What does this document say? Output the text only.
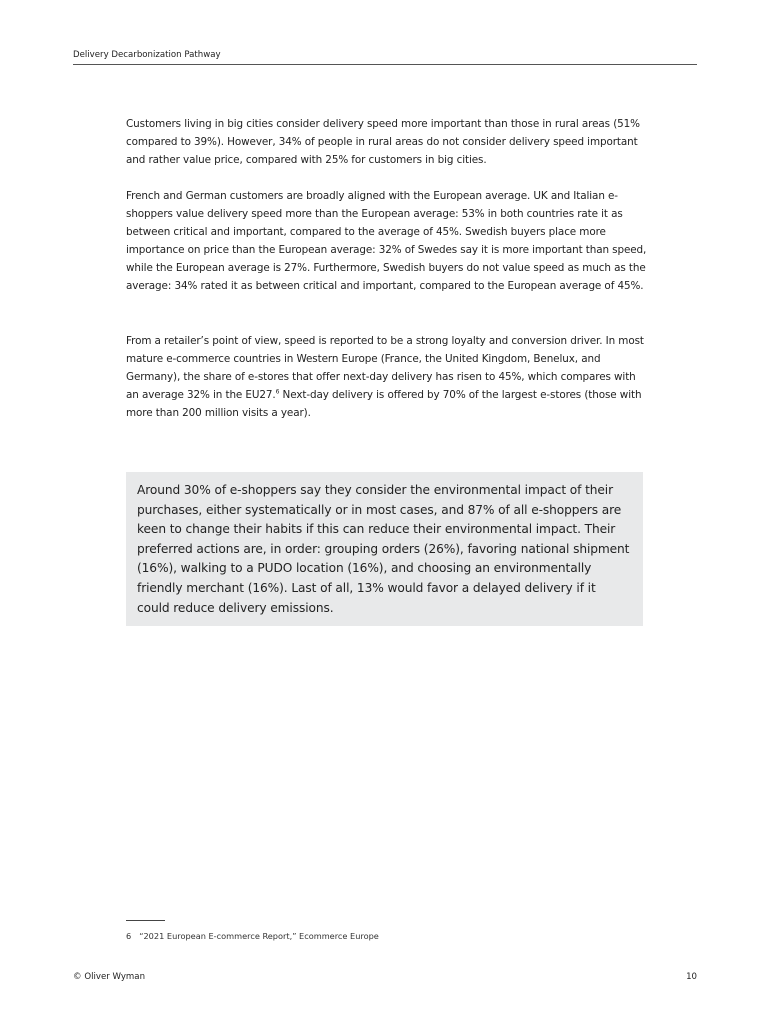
Delivery Decarbonization Pathway

Customers living in big cities consider delivery speed more important than those in rural areas (51% compared to 39%). However, 34% of people in rural areas do not consider delivery speed important and rather value price, compared with 25% for customers in big cities.

French and German customers are broadly aligned with the European average. UK and Italian e-shoppers value delivery speed more than the European average: 53% in both countries rate it as between critical and important, compared to the average of 45%. Swedish buyers place more importance on price than the European average: 32% of Swedes say it is more important than speed, while the European average is 27%. Furthermore, Swedish buyers do not value speed as much as the average: 34% rated it as between critical and important, compared to the European average of 45%.

From a retailer’s point of view, speed is reported to be a strong loyalty and conversion driver. In most mature e-commerce countries in Western Europe (France, the United Kingdom, Benelux, and Germany), the share of e-stores that offer next-day delivery has risen to 45%, which compares with an average 32% in the EU27.$^6$ Next-day delivery is offered by 70% of the largest e-stores (those with more than 200 million visits a year).

Around 30% of e-shoppers say they consider the environmental impact of their purchases, either systematically or in most cases, and 87% of all e-shoppers are keen to change their habits if this can reduce their environmental impact. Their preferred actions are, in order: grouping orders (26%), favoring national shipment (16%), walking to a PUDO location (16%), and choosing an environmentally friendly merchant (16%). Last of all, 13% would favor a delayed delivery if it could reduce delivery emissions.

6 “2021 European E-commerce Report,” Ecommerce Europe
© Oliver Wyman	10
